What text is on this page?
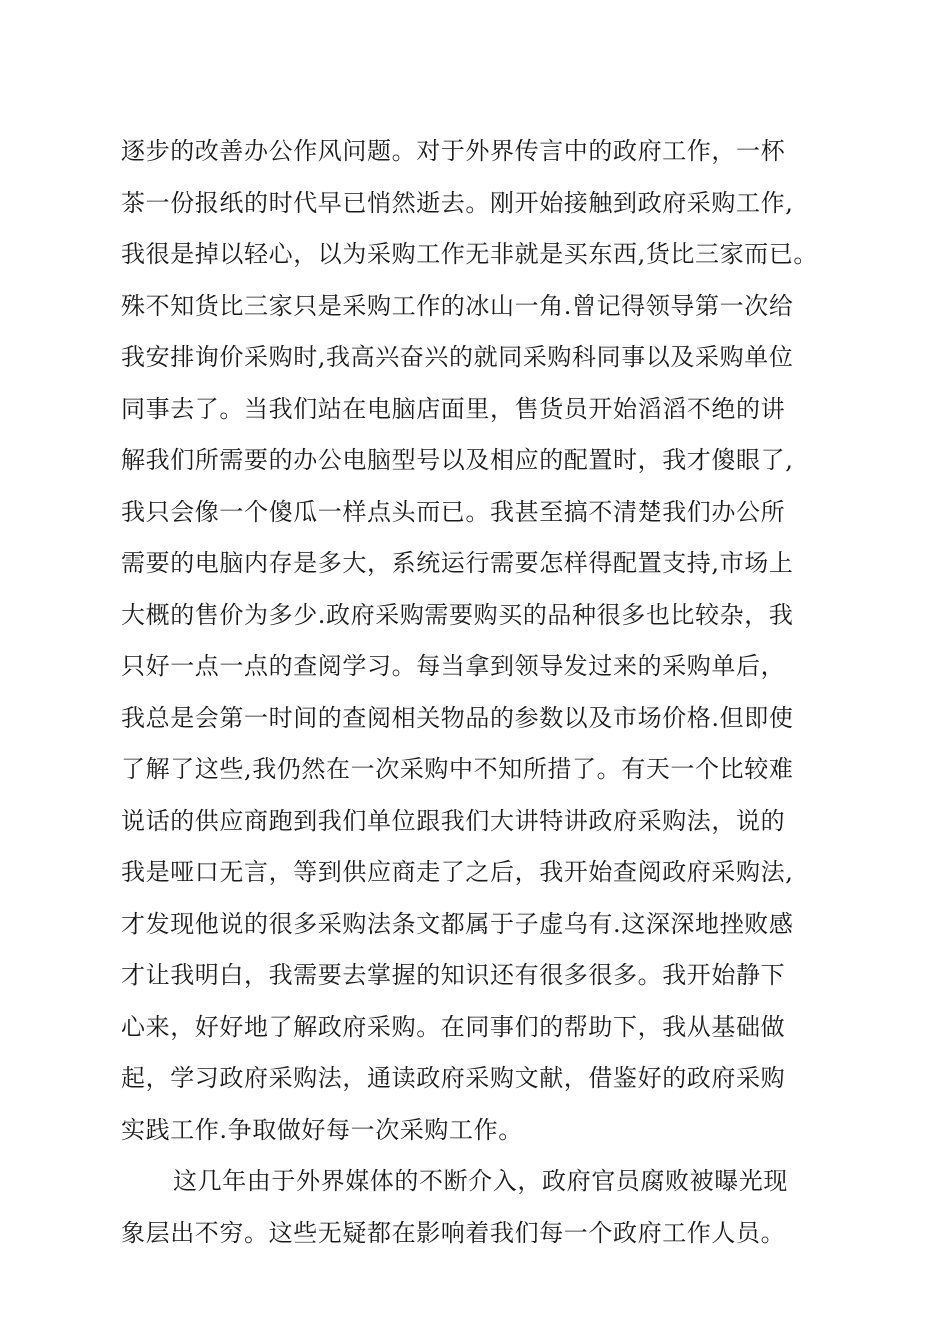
逐步的改善办公作风问题。对于外界传言中的政府工作，一杯
茶一份报纸的时代早已悄然逝去。刚开始接触到政府采购工作,
我很是掉以轻心，以为采购工作无非就是买东西,货比三家而已。
殊不知货比三家只是采购工作的冰山一角.曾记得领导第一次给
我安排询价采购时,我高兴奋兴的就同采购科同事以及采购单位
同事去了。当我们站在电脑店面里，售货员开始滔滔不绝的讲
解我们所需要的办公电脑型号以及相应的配置时，我才傻眼了,
我只会像一个傻瓜一样点头而已。我甚至搞不清楚我们办公所
需要的电脑内存是多大，系统运行需要怎样得配置支持,市场上
大概的售价为多少.政府采购需要购买的品种很多也比较杂，我
只好一点一点的查阅学习。每当拿到领导发过来的采购单后，
我总是会第一时间的查阅相关物品的参数以及市场价格.但即使
了解了这些,我仍然在一次采购中不知所措了。有天一个比较难
说话的供应商跑到我们单位跟我们大讲特讲政府采购法，说的
我是哑口无言，等到供应商走了之后，我开始查阅政府采购法,
才发现他说的很多采购法条文都属于子虚乌有.这深深地挫败感
才让我明白，我需要去掌握的知识还有很多很多。我开始静下
心来，好好地了解政府采购。在同事们的帮助下，我从基础做
起，学习政府采购法，通读政府采购文献，借鉴好的政府采购
实践工作.争取做好每一次采购工作。
这几年由于外界媒体的不断介入，政府官员腐败被曝光现
象层出不穷。这些无疑都在影响着我们每一个政府工作人员。
